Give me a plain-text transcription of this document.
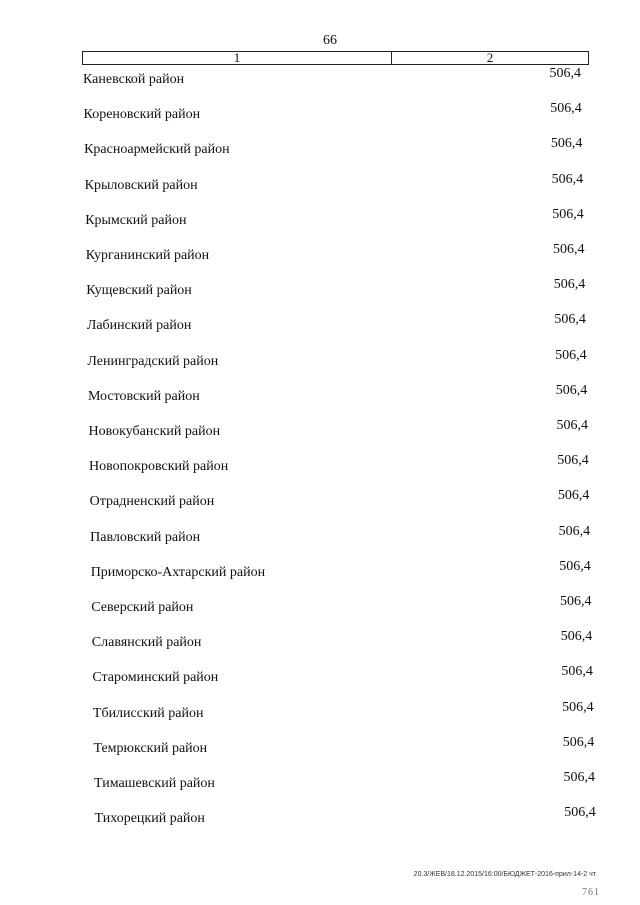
66
1	2
Каневской район	506,4
Кореновский район	506,4
Красноармейский район	506,4
Крыловский район	506,4
Крымский район	506,4
Курганинский район	506,4
Кущевский район	506,4
Лабинский район	506,4
Ленинградский район	506,4
Мостовский район	506,4
Новокубанский район	506,4
Новопокровский район	506,4
Отрадненский район	506,4
Павловский район	506,4
Приморско-Ахтарский район	506,4
Северский район	506,4
Славянский район	506,4
Староминский район	506,4
Тбилисский район	506,4
Темрюкский район	506,4
Тимашевский район	506,4
Тихорецкий район	506,4
20.3/ЖЕВ/18.12.2015/16:00/БЮДЖЕТ-2016-прил-14-2 чт
761
